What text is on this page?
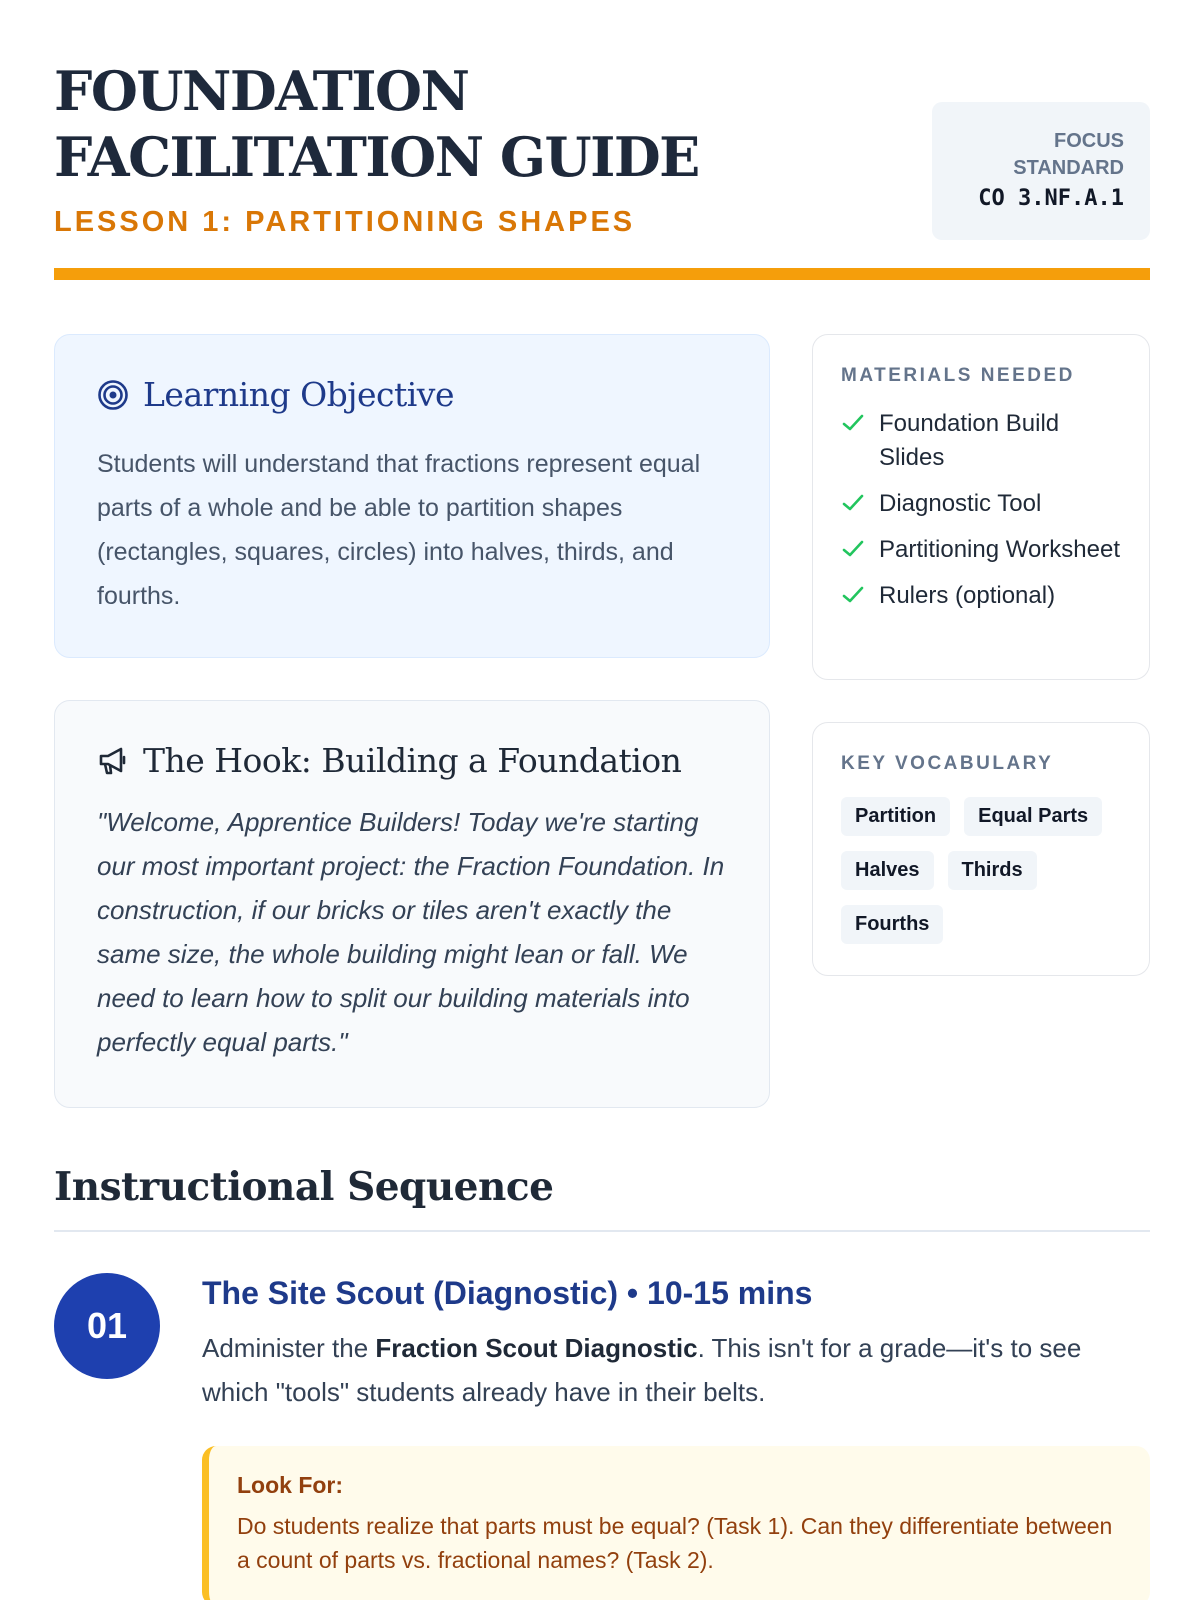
FOUNDATION FACILITATION GUIDE
LESSON 1: PARTITIONING SHAPES
FOCUS STANDARD
CO 3.NF.A.1
Learning Objective

Students will understand that fractions represent equal parts of a whole and be able to partition shapes (rectangles, squares, circles) into halves, thirds, and fourths.

The Hook: Building a Foundation

"Welcome, Apprentice Builders! Today we're starting our most important project: the Fraction Foundation. In construction, if our bricks or tiles aren't exactly the same size, the whole building might lean or fall. We need to learn how to split our building materials into perfectly equal parts."

MATERIALS NEEDED
Foundation Build Slides
Diagnostic Tool
Partitioning Worksheet
Rulers (optional)
KEY VOCABULARY
Partition	Equal Parts
Halves	Thirds
Fourths
Instructional Sequence
01
The Site Scout (Diagnostic) • 10-15 mins

Administer the Fraction Scout Diagnostic. This isn't for a grade—it's to see which "tools" students already have in their belts.

Look For:
Do students realize that parts must be equal? (Task 1). Can they differentiate between a count of parts vs. fractional names? (Task 2).
